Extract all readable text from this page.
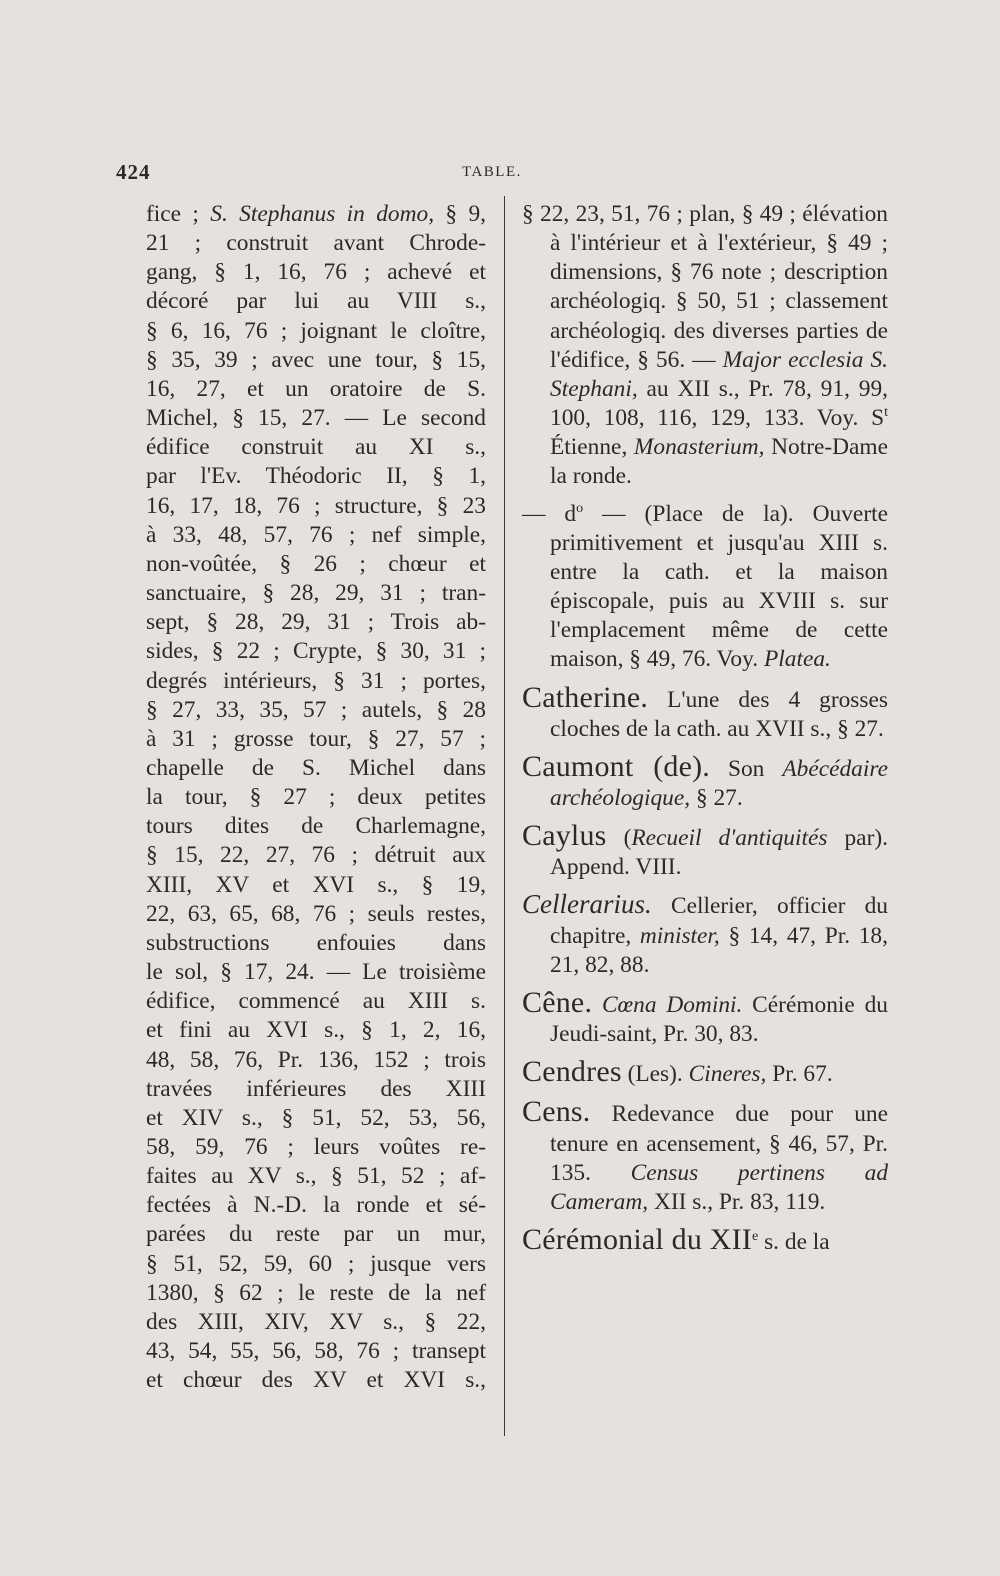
424	TABLE.
fice ; S. Stephanus in domo, § 9,
21 ; construit avant Chrode-
gang, § 1, 16, 76 ; achevé et
décoré par lui au VIII s.,
§ 6, 16, 76 ; joignant le cloître,
§ 35, 39 ; avec une tour, § 15,
16, 27, et un oratoire de S.
Michel, § 15, 27. — Le second
édifice construit au XI s.,
par l'Ev. Théodoric II, § 1,
16, 17, 18, 76 ; structure, § 23
à 33, 48, 57, 76 ; nef simple,
non-voûtée, § 26 ; chœur et
sanctuaire, § 28, 29, 31 ; tran-
sept, § 28, 29, 31 ; Trois ab-
sides, § 22 ; Crypte, § 30, 31 ;
degrés intérieurs, § 31 ; portes,
§ 27, 33, 35, 57 ; autels, § 28
à 31 ; grosse tour, § 27, 57 ;
chapelle de S. Michel dans
la tour, § 27 ; deux petites
tours dites de Charlemagne,
§ 15, 22, 27, 76 ; détruit aux
XIII, XV et XVI s., § 19,
22, 63, 65, 68, 76 ; seuls restes,
substructions enfouies dans
le sol, § 17, 24. — Le troisième
édifice, commencé au XIII s.
et fini au XVI s., § 1, 2, 16,
48, 58, 76, Pr. 136, 152 ; trois
travées inférieures des XIII
et XIV s., § 51, 52, 53, 56,
58, 59, 76 ; leurs voûtes re-
faites au XV s., § 51, 52 ; af-
fectées à N.-D. la ronde et sé-
parées du reste par un mur,
§ 51, 52, 59, 60 ; jusque vers
1380, § 62 ; le reste de la nef
des XIII, XIV, XV s., § 22,
43, 54, 55, 56, 58, 76 ; transept
et chœur des XV et XVI s.,

§ 22, 23, 51, 76 ; plan, § 49 ; élévation à l'intérieur et à l'extérieur, § 49 ; dimensions, § 76 note ; description archéologiq. § 50, 51 ; classement archéologiq. des diverses parties de l'édifice, § 56. — Major ecclesia S. Stephani, au XII s., Pr. 78, 91, 99, 100, 108, 116, 129, 133. Voy. $S^t$ Étienne, Monasterium, Notre-Dame la ronde.

— $d^o$ — (Place de la). Ouverte primitivement et jusqu'au XIII s. entre la cath. et la maison épiscopale, puis au XVIII s. sur l'emplacement même de cette maison, § 49, 76. Voy. Platea.

Catherine. L'une des 4 grosses cloches de la cath. au XVII s., § 27.

Caumont (de). Son Abécédaire archéologique, § 27.

Caylus (Recueil d'antiquités par). Append. VIII.

Cellerarius. Cellerier, officier du chapitre, minister, § 14, 47, Pr. 18, 21, 82, 88.

Cêne. Cœna Domini. Cérémonie du Jeudi-saint, Pr. 30, 83.

Cendres (Les). Cineres, Pr. 67.

Cens. Redevance due pour une tenure en acensement, § 46, 57, Pr. 135. Census pertinens ad Cameram, XII s., Pr. 83, 119.

Cérémonial du XIIe s. de la
